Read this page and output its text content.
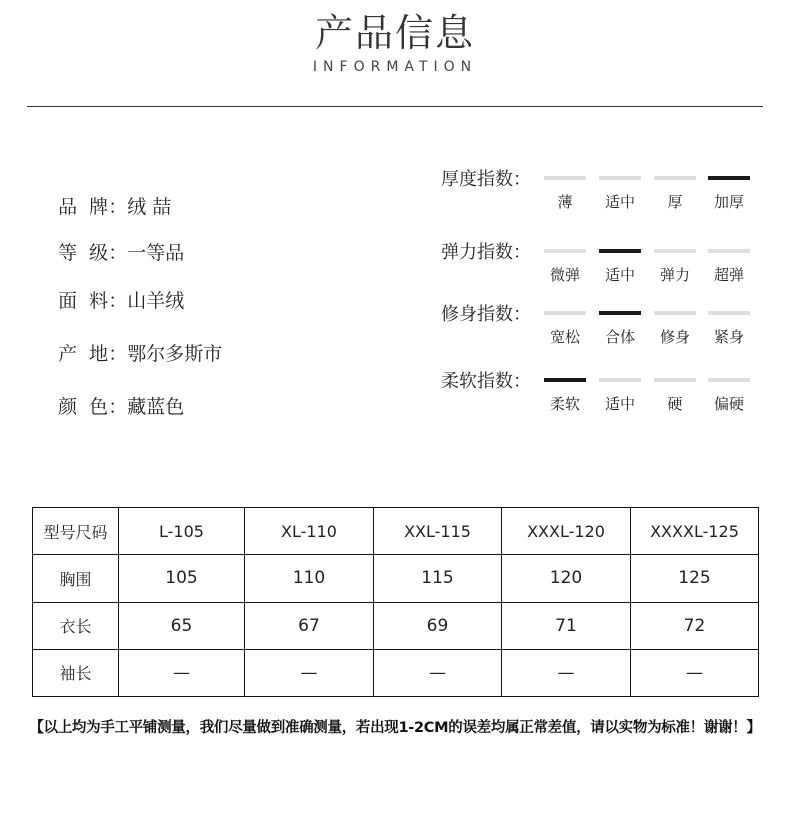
产品信息
INFORMATION

品  牌：绒 喆

等  级：一等品

面  料：山羊绒

产  地：鄂尔多斯市

颜  色：藏蓝色

厚度指数：
薄	适中	厚	加厚
弹力指数：
微弹	适中	弹力	超弹
修身指数：
宽松	合体	修身	紧身
柔软指数：
柔软	适中	硬	偏硬
型号尺码	L-105	XL-110	XXL-115	XXXL-120	XXXXL-125
胸围	105	110	115	120	125
衣长	65	67	69	71	72
袖长	—	—	—	—	—
【以上均为手工平铺测量，我们尽量做到准确测量，若出现1-2CM的误差均属正常差值，请以实物为标准！谢谢！】
